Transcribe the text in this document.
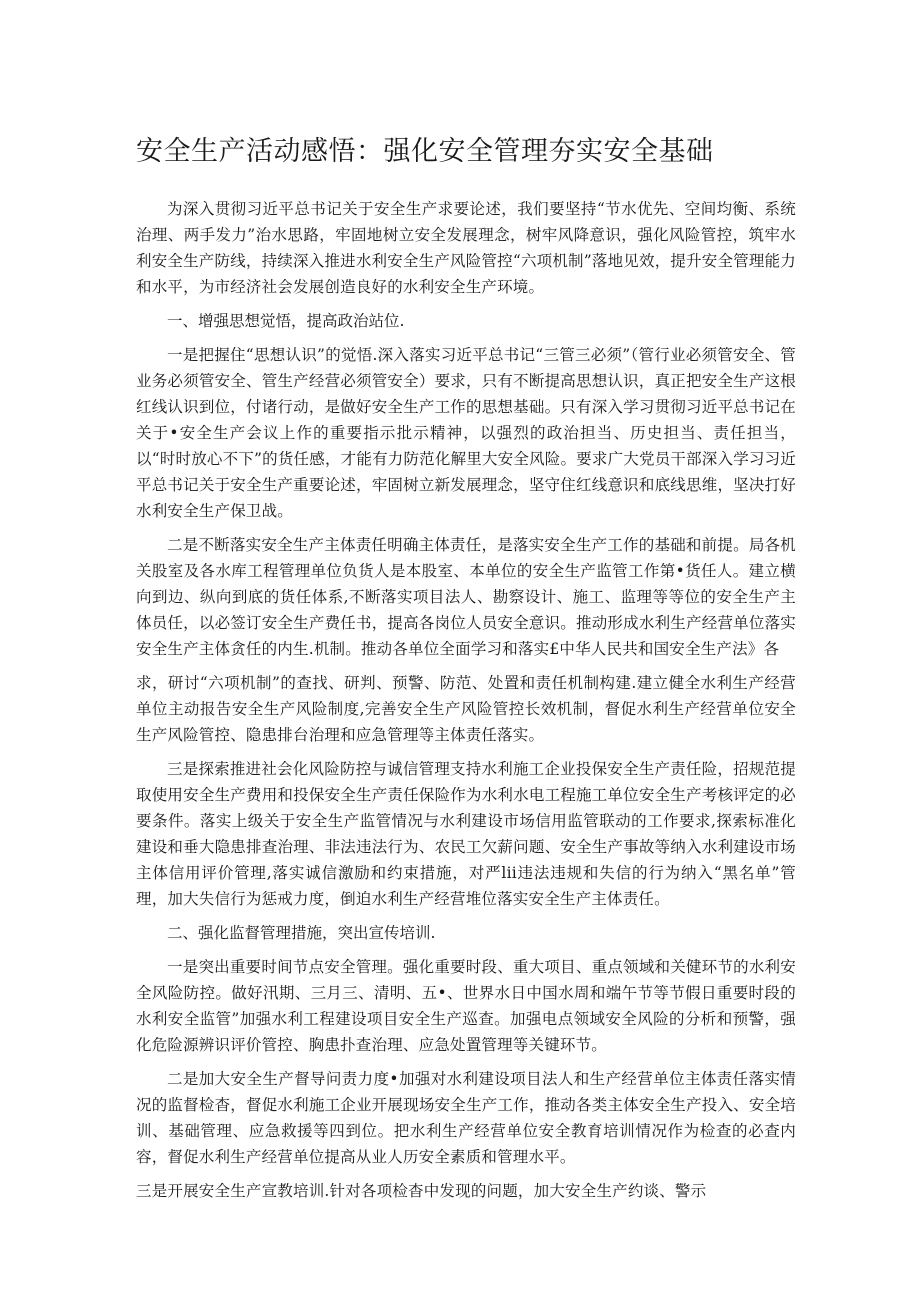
安全生产活动感悟：强化安全管理夯实安全基础

为深入贯彻习近平总书记关于安全生产求要论述，我们要坚持“节水优先、空间均衡、系统治理、两手发力”治水思路，牢固地树立安全发展理念，树牢风降意识，强化风险管控，筑牢水利安全生产防线，持续深入推进水利安全生产风险管控“六项机制”落地见效，提升安全管理能力和水平，为市经济社会发展创造良好的水利安全生产环境。

一、增强思想觉悟，提高政治站位.

一是把握住“思想认识”的觉悟.深入落实习近平总书记“三管三必须”（管行业必须管安全、管业务必须管安全、管生产经营必须管安全）要求，只有不断提高思想认识，真正把安全生产这根红线认识到位，付诸行动，是做好安全生产工作的思想基础。只有深入学习贯彻习近平总书记在关于•安全生产会议上作的重要指示批示精神，以强烈的政治担当、历史担当、责任担当，以“时时放心不下”的货任感，才能有力防范化解里大安全风险。要求广大党员干部深入学习习近平总书记关于安全生产重要论述，牢固树立新发展理念，坚守住红线意识和底线思维，坚决打好水利安全生产保卫战。

二是不断落实安全生产主体责任明确主体责任，是落实安全生产工作的基础和前提。局各机关股室及各水库工程管理单位负货人是本股室、本单位的安全生产监管工作第•货任人。建立横向到边、纵向到底的货任体系,不断落实项目法人、勘察设计、施工、监理等等位的安全生产主体员任，以必签订安全生产费任书，提高各岗位人员安全意识。推动形成水利生产经营单位落实安全生产主体贪任的内生.机制。推动各单位全面学习和落实£中华人民共和国安全生产法》各

求，研讨“六项机制”的查找、研判、预警、防范、处置和责任机制构建.建立健全水利生产经营单位主动报告安全生产风险制度,完善安全生产风险管控长效机制，督促水利生产经营单位安全生产风险管控、隐患排台治理和应急管理等主体责任落实。

三是探索推进社会化风险防控与诚信管理支持水利施工企业投保安全生产责任险，招规范提取使用安全生产费用和投保安全生产责任保险作为水利水电工程施工单位安全生产考核评定的必要条件。落实上级关于安全生产监管情况与水利建设市场信用监管联动的工作要求,探索标准化建设和垂大隐患排查治理、非法违法行为、农民工欠薪问题、安全生产事故等纳入水利建设市场主体信用评价管理,落实诚信激励和约束措施，对严lii违法违规和失信的行为纳入“黑名单”管理，加大失信行为惩戒力度，倒迫水利生产经营堆位落实安全生产主体责任。

二、强化监督管理措施，突出宣传培训.

一是突出重要时间节点安全管理。强化重要时段、重大项目、重点领域和关健环节的水利安全风险防控。做好汛期、三月三、清明、五•、世界水日中国水周和端午节等节假日重要时段的水利安全监管”加强水利工程建设项目安全生产巡查。加强电点领域安全风险的分析和预警，强化危险源辨识评价管控、胸患扑查治理、应急处置管理等关键环节。

二是加大安全生产督导问责力度•加强对水利建设项目法人和生产经营单位主体责任落实情况的监督检杳，督促水利施工企业开展现场安全生产工作，推动各类主体安全生产投入、安全培训、基础管理、应急救援等四到位。把水利生产经营单位安全教育培训情况作为检查的必查内容，督促水利生产经营单位提高从业人历安全素质和管理水平。

三是开展安全生产宣教培训.针对各项检杳中发现的问题，加大安全生产约谈、警示
